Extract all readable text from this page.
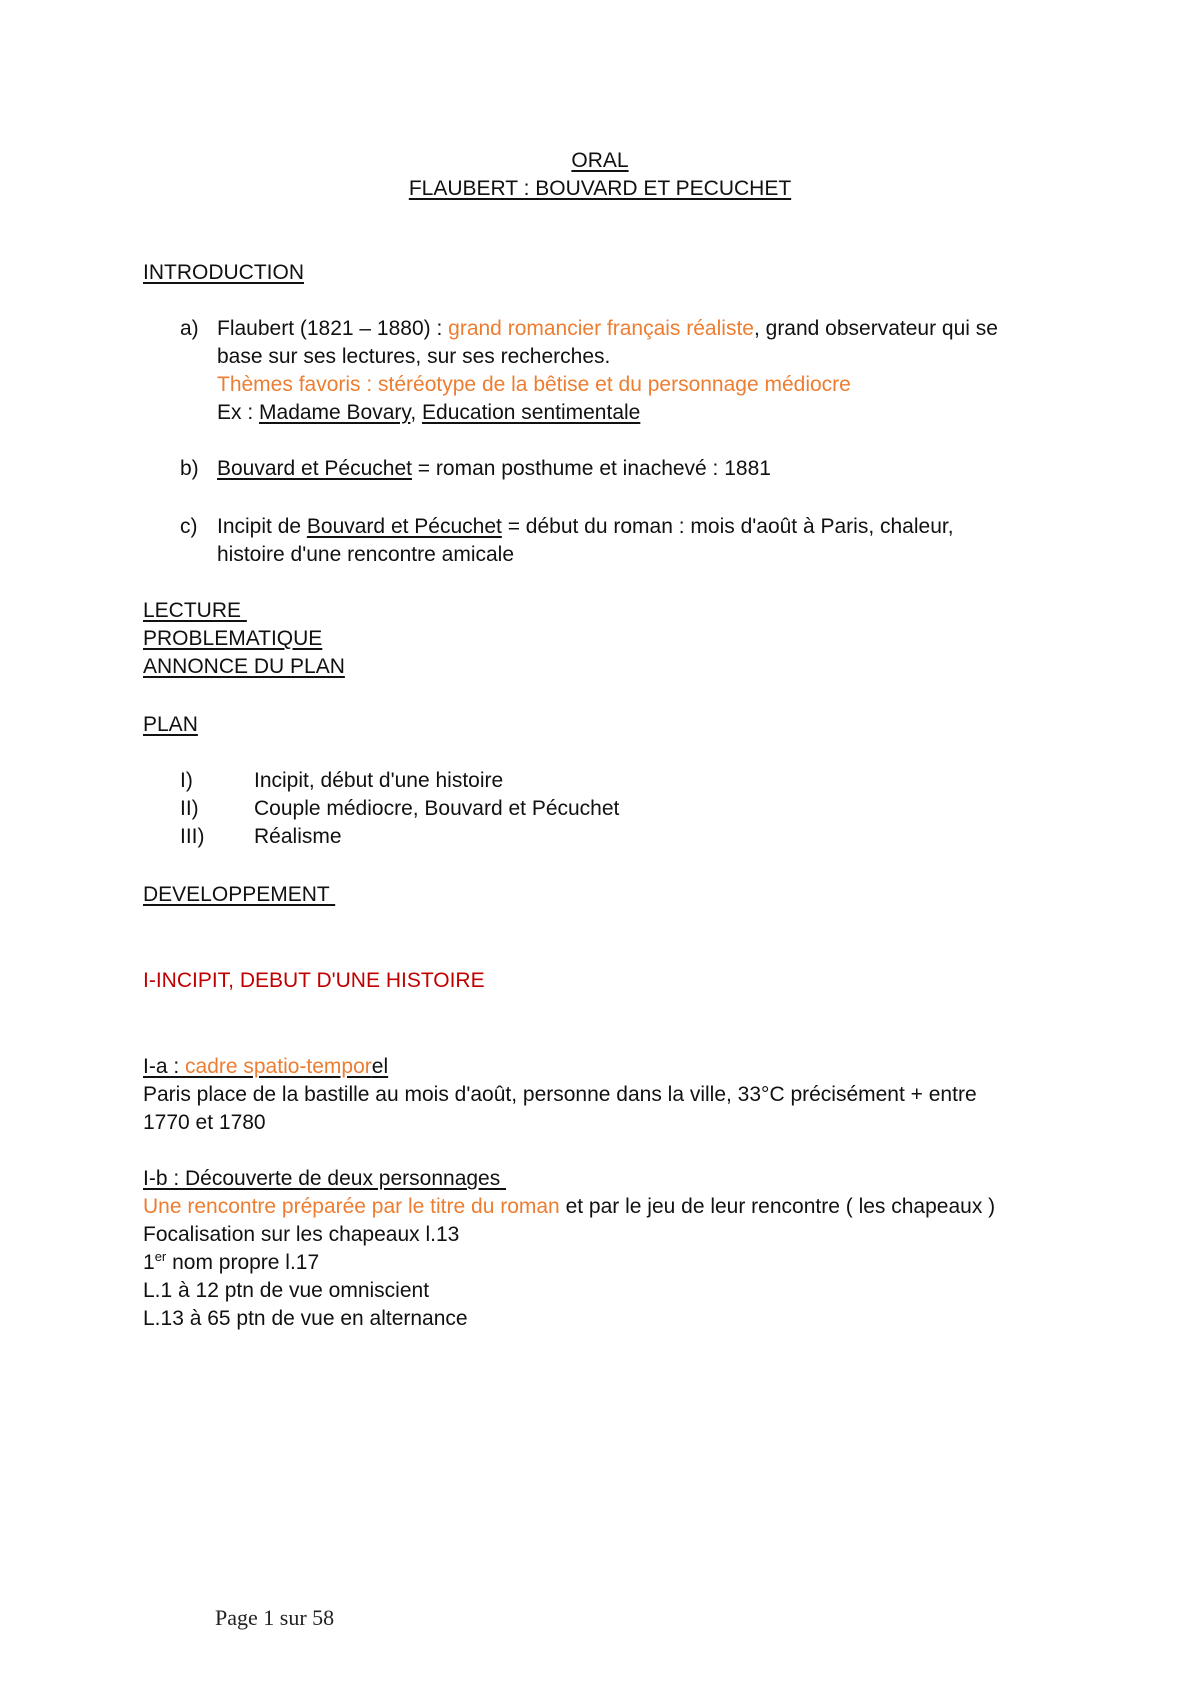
ORAL
FLAUBERT : BOUVARD ET PECUCHET
INTRODUCTION
a) Flaubert (1821 – 1880) : grand romancier français réaliste, grand observateur qui se
base sur ses lectures, sur ses recherches.
Thèmes favoris : stéréotype de la bêtise et du personnage médiocre
Ex : Madame Bovary, Education sentimentale
b) Bouvard et Pécuchet = roman posthume et inachevé : 1881
c) Incipit de Bouvard et Pécuchet = début du roman : mois d'août à Paris, chaleur,
histoire d'une rencontre amicale
LECTURE
PROBLEMATIQUE
ANNONCE DU PLAN
PLAN
I)	Incipit, début d'une histoire
II)	Couple médiocre, Bouvard et Pécuchet
III) Réalisme
DEVELOPPEMENT
I-INCIPIT, DEBUT D'UNE HISTOIRE
I-a : cadre spatio-temporel
Paris place de la bastille au mois d'août, personne dans la ville, 33°C précisément + entre
1770 et 1780
I-b : Découverte de deux personnages
Une rencontre préparée par le titre du roman et par le jeu de leur rencontre ( les chapeaux )
Focalisation sur les chapeaux l.13
1er nom propre l.17
L.1 à 12 ptn de vue omniscient
L.13 à 65 ptn de vue en alternance
Page 1 sur 58
